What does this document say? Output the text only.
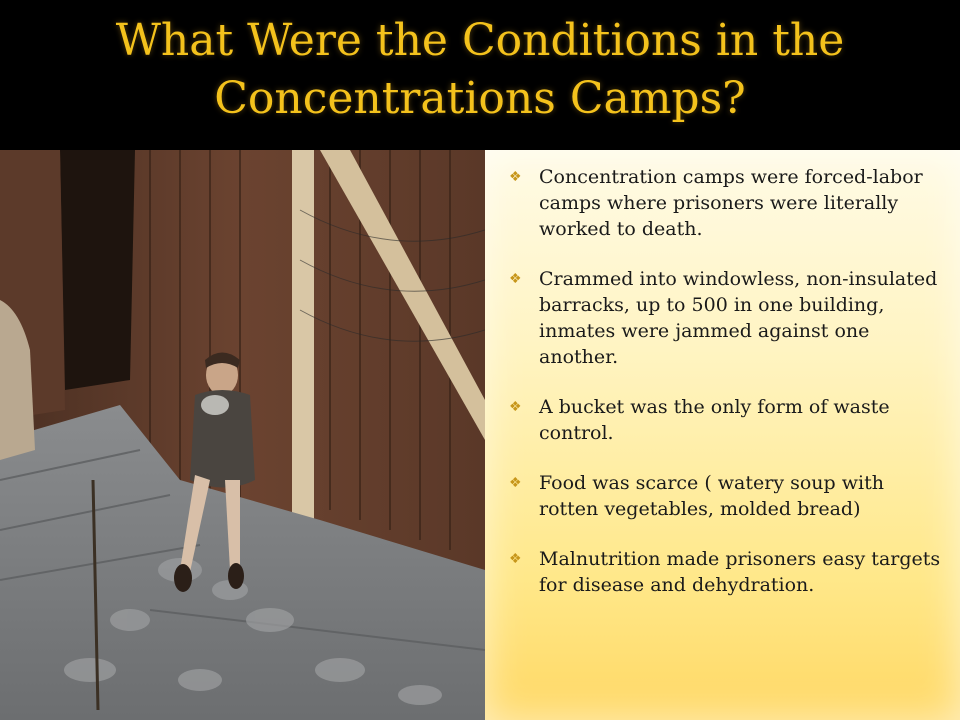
What Were the Conditions in the Concentrations Camps?
❖ Concentration camps were forced-labor camps where prisoners were literally worked to death.
❖ Crammed into windowless, non-insulated barracks, up to 500 in one building, inmates were jammed against one another.
❖ A bucket was the only form of waste control.
❖ Food was scarce ( watery soup with rotten vegetables, molded bread)
❖ Malnutrition made prisoners easy targets for disease and dehydration.
